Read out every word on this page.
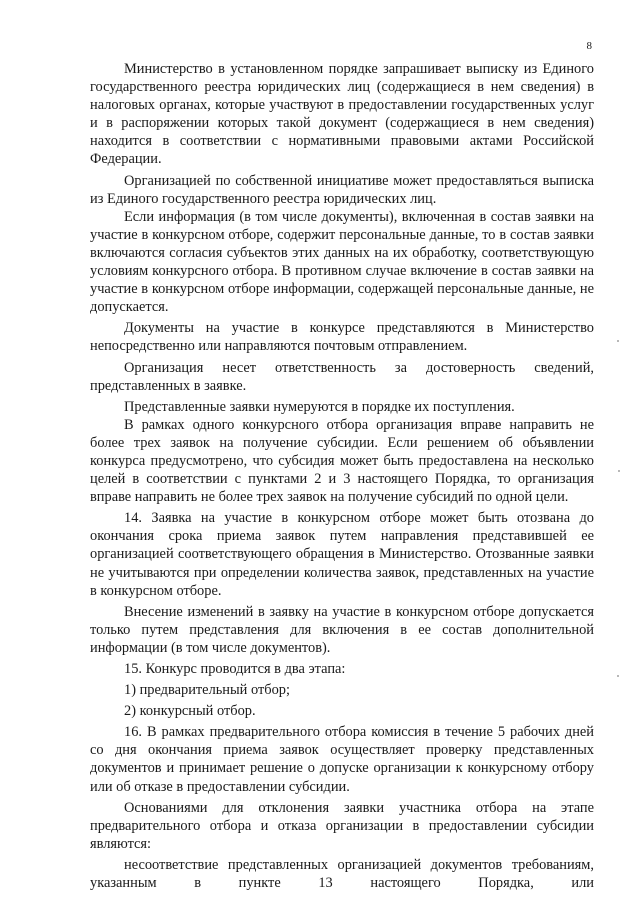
8

Министерство в установленном порядке запрашивает выписку из Единого государственного реестра юридических лиц (содержащиеся в нем сведения) в налоговых органах, которые участвуют в предоставлении государственных услуг и в распоряжении которых такой документ (содержащиеся в нем сведения) находится в соответствии с нормативными правовыми актами Российской Федерации.

Организацией по собственной инициативе может предоставляться выписка из Единого государственного реестра юридических лиц.

Если информация (в том числе документы), включенная в состав заявки на участие в конкурсном отборе, содержит персональные данные, то в состав заявки включаются согласия субъектов этих данных на их обработку, соответствующую условиям конкурсного отбора. В противном случае включение в состав заявки на участие в конкурсном отборе информации, содержащей персональные данные, не допускается.

Документы на участие в конкурсе представляются в Министерство непосредственно или направляются почтовым отправлением.

Организация несет ответственность за достоверность сведений, представленных в заявке.

Представленные заявки нумеруются в порядке их поступления.

В рамках одного конкурсного отбора организация вправе направить не более трех заявок на получение субсидии. Если решением об объявлении конкурса предусмотрено, что субсидия может быть предоставлена на несколько целей в соответствии с пунктами 2 и 3 настоящего Порядка, то организация вправе направить не более трех заявок на получение субсидий по одной цели.

14. Заявка на участие в конкурсном отборе может быть отозвана до окончания срока приема заявок путем направления представившей ее организацией соответствующего обращения в Министерство. Отозванные заявки не учитываются при определении количества заявок, представленных на участие в конкурсном отборе.

Внесение изменений в заявку на участие в конкурсном отборе допускается только путем представления для включения в ее состав дополнительной информации (в том числе документов).

15. Конкурс проводится в два этапа:

1) предварительный отбор;

2) конкурсный отбор.

16. В рамках предварительного отбора комиссия в течение 5 рабочих дней со дня окончания приема заявок осуществляет проверку представленных документов и принимает решение о допуске организации к конкурсному отбору или об отказе в предоставлении субсидии.

Основаниями для отклонения заявки участника отбора на этапе предварительного отбора и отказа организации в предоставлении субсидии являются:

несоответствие представленных организацией документов требованиям, указанным в пункте 13 настоящего Порядка, или
